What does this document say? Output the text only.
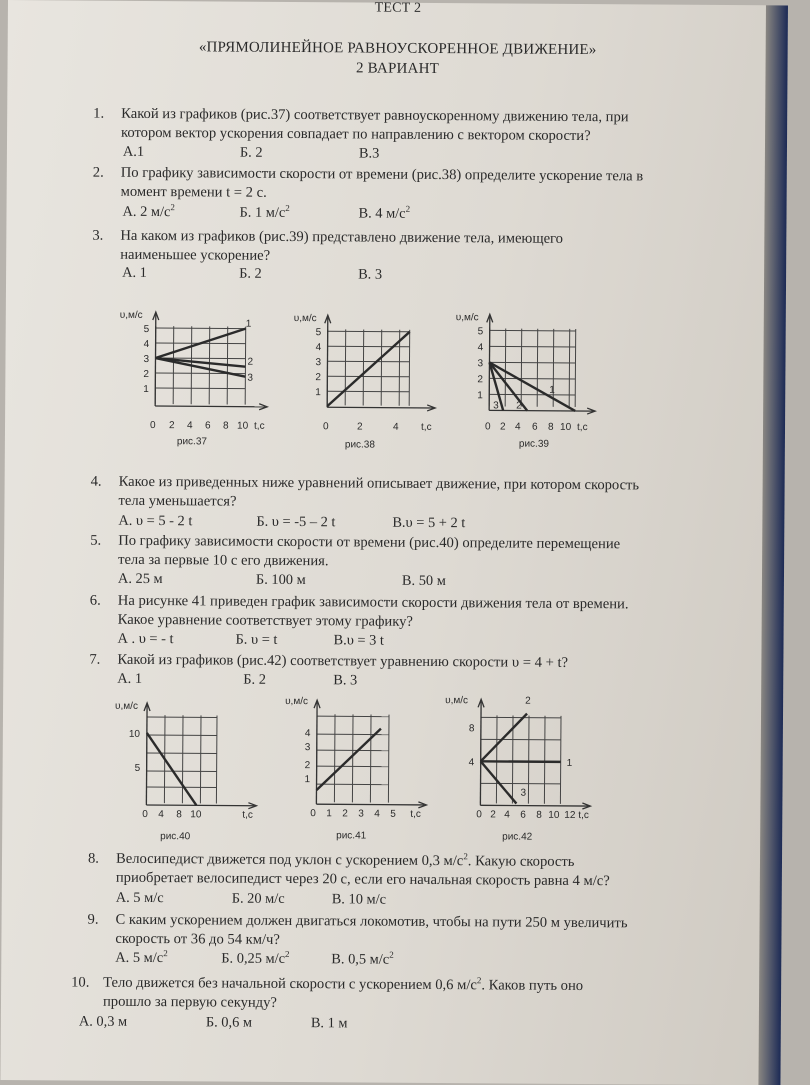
ТЕСТ 2
«ПРЯМОЛИНЕЙНОЕ РАВНОУСКОРЕННОЕ ДВИЖЕНИЕ»
2 ВАРИАНТ
1.	Какой из графиков (рис.37) соответствует равноускоренному движению тела, при
котором вектор ускорения совпадает по направлению с вектором скорости?
А.1	Б. 2	В.3
2.	По графику зависимости скорости от времени (рис.38) определите ускорение тела в
момент времени t = 2 с.
А. 2 $м/с^2$	Б. 1 $м/с^2$	В. 4 $м/с^2$
3.	На каком из графиков (рис.39) представлено движение тела, имеющего
наименьшее ускорение?
А. 1	Б. 2	В. 3
υ,м/с
5
4
3
2
1
0 2 4 6 8 10 t,с
1
2
3
рис.37
υ,м/с
5
4
3
2
1
0	2	4 t,с
рис.38
υ,м/с
5
4
3
2
1
0 2 4 6 8 10 t,с
1
2
3
рис.39
4.	Какое из приведенных ниже уравнений описывает движение, при котором скорость
тела уменьшается?
А. υ = 5 - 2 t	Б. υ = -5 – 2 t	В.υ = 5 + 2 t
5.	По графику зависимости скорости от времени (рис.40) определите перемещение
тела за первые 10 с его движения.
А. 25 м	Б. 100 м	В. 50 м
6.	На рисунке 41 приведен график зависимости скорости движения тела от времени.
Какое уравнение соответствует этому графику?
А . υ = - t	Б. υ = t	В.υ = 3 t
7.	Какой из графиков (рис.42) соответствует уравнению скорости υ = 4 + t?
А. 1	Б. 2	В. 3
υ,м/с
10
5
0 4 8 10	t,с
рис.40
υ,м/с
4
3
2
1
0 1 2 3 4 5 t,с
рис.41
υ,м/с
8
4
0 2 4 6 8 10 12 t,с
1
2
3
рис.42
8.	Велосипедист движется под уклон с ускорением 0,3 $м/с^2$. Какую скорость
приобретает велосипедист через 20 с, если его начальная скорость равна 4 м/с?
А. 5 м/с	Б. 20 м/с	В. 10 м/с
9.	С каким ускорением должен двигаться локомотив, чтобы на пути 250 м увеличить
скорость от 36 до 54 км/ч?
А. 5 $м/с^2$	Б. 0,25 $м/с^2$	В. 0,5 $м/с^2$
10. Тело движется без начальной скорости с ускорением 0,6 $м/с^2$. Каков путь оно
прошло за первую секунду?
А. 0,3 м	Б. 0,6 м	В. 1 м
